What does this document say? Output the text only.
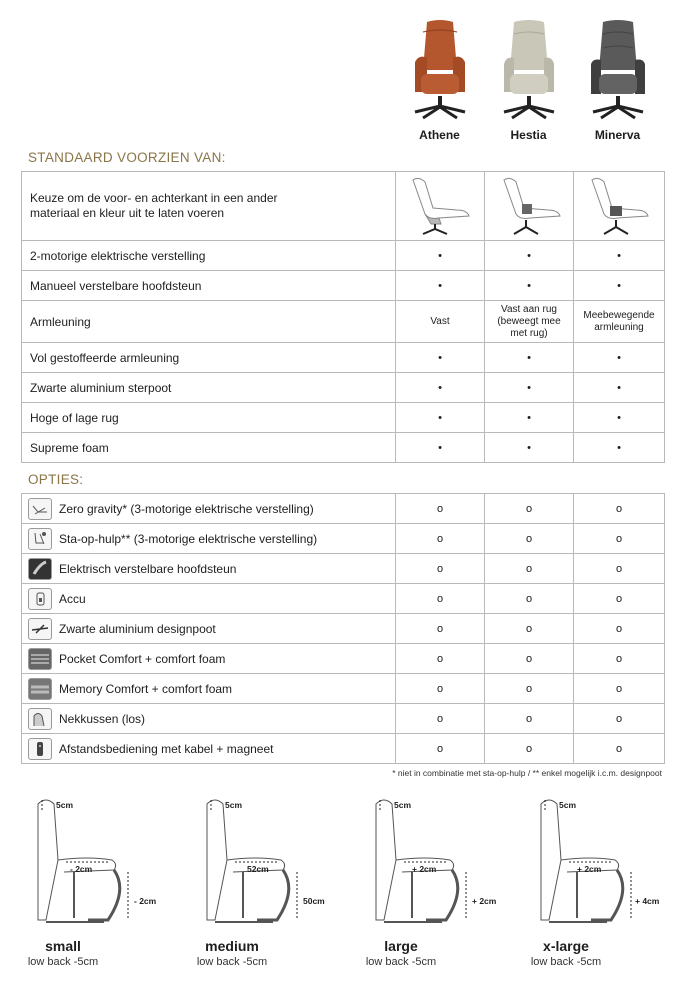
Athene	Hestia	Minerva
STANDAARD VOORZIEN VAN:
Keuze om de voor- en achterkant in een ander materiaal en kleur uit te laten voeren			
2-motorige elektrische verstelling	•	•	•
Manueel verstelbare hoofdsteun	•	•	•
Armleuning	Vast	Vast aan rug (beweegt mee met rug)	Meebewegende armleuning
Vol gestoffeerde armleuning	•	•	•
Zwarte aluminium sterpoot	•	•	•
Hoge of lage rug	•	•	•
Supreme foam	•	•	•
OPTIES:
Zero gravity* (3-motorige elektrische verstelling)	o	o	o

Sta-op-hulp** (3-motorige elektrische verstelling)	o	o	o

Elektrisch verstelbare hoofdsteun	o	o	o

Accu	o	o	o

Zwarte aluminium designpoot	o	o	o

Pocket Comfort + comfort foam	o	o	o

Memory Comfort + comfort foam	o	o	o

Nekkussen (los)	o	o	o

Afstandsbediening met kabel + magneet	o	o	o
* niet in combinatie met sta-op-hulp / ** enkel mogelijk i.c.m. designpoot
5cm
- 2cm
- 2cm
small
low back -5cm
5cm
52cm
50cm
medium
low back -5cm
5cm
+ 2cm
+ 2cm
large
low back -5cm
5cm
+ 2cm
+ 4cm
x-large
low back -5cm
